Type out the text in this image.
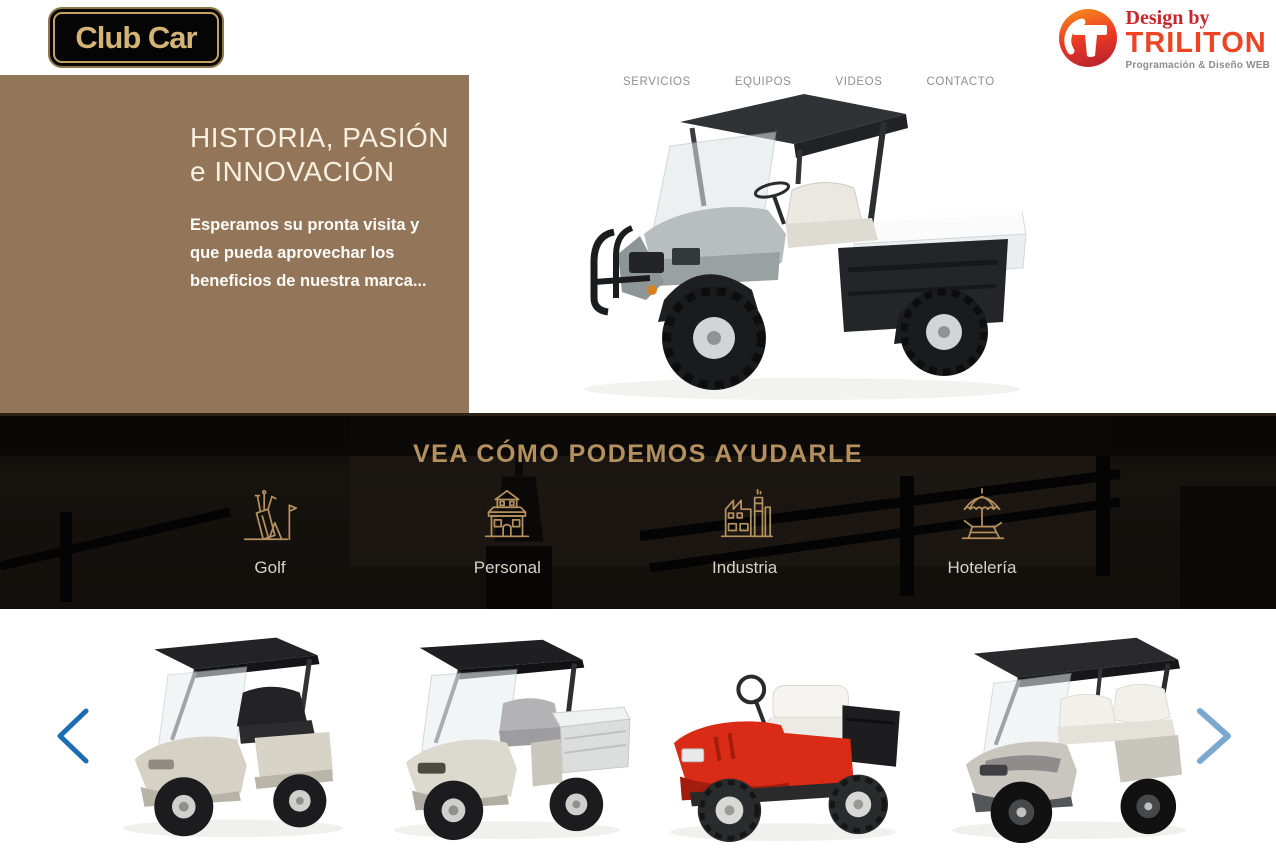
Club Car
SERVICIOS	EQUIPOS	VIDEOS	CONTACTO
Design by
TRILITON
Programación & Diseño WEB
HISTORIA, PASIÓN e INNOVACIÓN

Esperamos su pronta visita y que pueda aprovechar los beneficios de nuestra marca...

VEA CÓMO PODEMOS AYUDARLE
Golf	Personal	Industria	Hotelería
